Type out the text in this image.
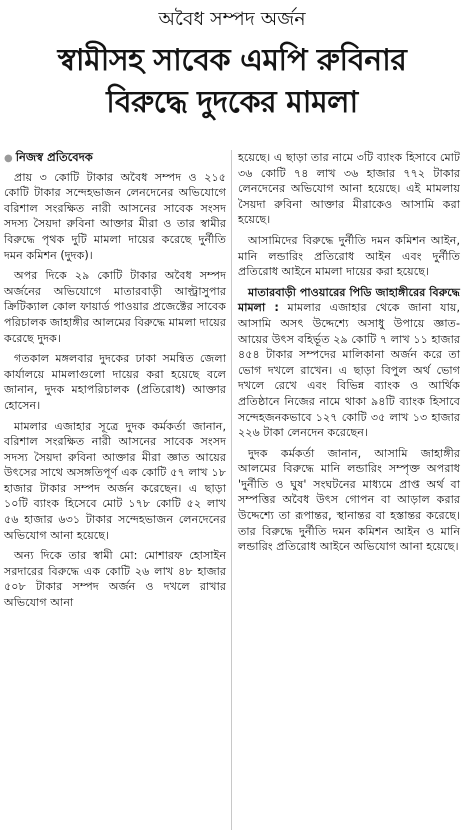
অবৈধ সম্পদ অর্জন
স্বামীসহ সাবেক এমপি রুবিনার
বিরুদ্ধে দুদকের মামলা
● নিজস্ব প্রতিবেদক

প্রায় ৩ কোটি টাকার অবৈধ সম্পদ ও ২১৫ কোটি টাকার সন্দেহভাজন লেনদেনের অভিযোগে বরিশাল সংরক্ষিত নারী আসনের সাবেক সংসদ সদস্য সৈয়দা রুবিনা আক্তার মীরা ও তার স্বামীর বিরুদ্ধে পৃথক দুটি মামলা দায়ের করেছে দুর্নীতি দমন কমিশন (দুদক)।

অপর দিকে ২৯ কোটি টাকার অবৈধ সম্পদ অর্জনের অভিযোগে মাতারবাড়ী আল্ট্রাসুপার ক্রিটিক্যাল কোল ফায়ার্ড পাওয়ার প্রজেক্টের সাবেক পরিচালক জাহাঙ্গীর আলমের বিরুদ্ধে মামলা দায়ের করেছে দুদক।

গতকাল মঙ্গলবার দুদকের ঢাকা সমন্বিত জেলা কার্যালয়ে মামলাগুলো দায়ের করা হয়েছে বলে জানান, দুদক মহাপরিচালক (প্রতিরোধ) আক্তার হোসেন।

মামলার এজাহার সূত্রে দুদক কর্মকর্তা জানান, বরিশাল সংরক্ষিত নারী আসনের সাবেক সংসদ সদস্য সৈয়দা রুবিনা আক্তার মীরা জ্ঞাত আয়ের উৎসের সাথে অসঙ্গতিপূর্ণ এক কোটি ৫৭ লাখ ১৮ হাজার টাকার সম্পদ অর্জন করেছেন। এ ছাড়া ১০টি ব্যাংক হিসেবে মোট ১৭৮ কোটি ৫২ লাখ ৫৬ হাজার ৬৩১ টাকার সন্দেহভাজন লেনদেনের অভিযোগ আনা হয়েছে।

অন্য দিকে তার স্বামী মো: মোশারফ হোসাইন সরদারের বিরুদ্ধে এক কোটি ২৬ লাখ ৪৮ হাজার ৫০৮ টাকার সম্পদ অর্জন ও দখলে রাখার অভিযোগ আনা

হয়েছে। এ ছাড়া তার নামে ৩টি ব্যাংক হিসাবে মোট ৩৬ কোটি ৭৪ লাখ ৩৬ হাজার ৭৭২ টাকার লেনদেনের অভিযোগ আনা হয়েছে। এই মামলায় সৈয়দা রুবিনা আক্তার মীরাকেও আসামি করা হয়েছে।

আসামিদের বিরুদ্ধে দুর্নীতি দমন কমিশন আইন, মানি লন্ডারিং প্রতিরোধ আইন এবং দুর্নীতি প্রতিরোধ আইনে মামলা দায়ের করা হয়েছে।

মাতারবাড়ী পাওয়ারের পিডি জাহাঙ্গীরের বিরুদ্ধে মামলা : মামলার এজাহার থেকে জানা যায়, আসামি অসৎ উদ্দেশ্যে অসাধু উপায়ে জ্ঞাত-আয়ের উৎস বহির্ভূত ২৯ কোটি ৭ লাখ ১১ হাজার ৪৫৪ টাকার সম্পদের মালিকানা অর্জন করে তা ভোগ দখলে রাখেন। এ ছাড়া বিপুল অর্থ ভোগ দখলে রেখে এবং বিভিন্ন ব্যাংক ও আর্থিক প্রতিষ্ঠানে নিজের নামে থাকা ৯৪টি ব্যাংক হিসাবে সন্দেহজনকভাবে ১২৭ কোটি ৩৫ লাখ ১৩ হাজার ২২৬ টাকা লেনদেন করেছেন।

দুদক কর্মকর্তা জানান, আসামি জাহাঙ্গীর আলমের বিরুদ্ধে মানি লন্ডারিং সম্পৃক্ত অপরাধ 'দুর্নীতি ও ঘুষ' সংঘটনের মাধ্যমে প্রাপ্ত অর্থ বা সম্পত্তির অবৈধ উৎস গোপন বা আড়াল করার উদ্দেশ্যে তা রূপান্তর, স্থানান্তর বা হস্তান্তর করেছে। তার বিরুদ্ধে দুর্নীতি দমন কমিশন আইন ও মানি লন্ডারিং প্রতিরোধ আইনে অভিযোগ আনা হয়েছে।
